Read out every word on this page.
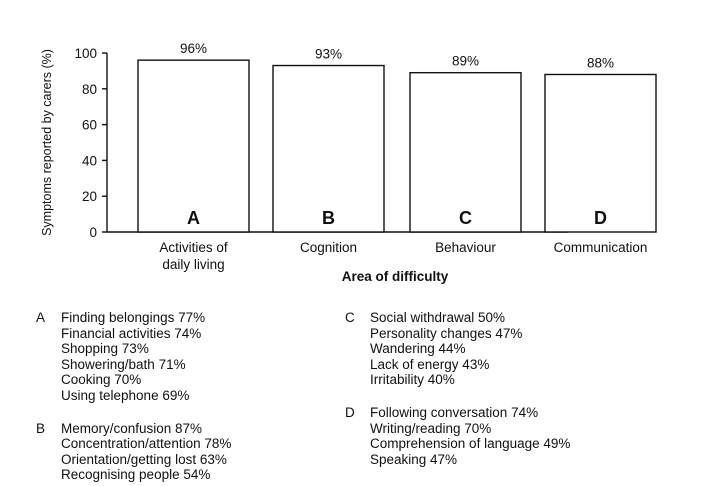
0
20
40
60
80
100
Symptoms reported by carers (%)
96%
A
Activities of
daily living
93%
B
Cognition
89%
C
Behaviour
88%
D
Communication
Area of difficulty
A Finding belongings 77%
Financial activities 74%
Shopping 73%
Showering/bath 71%
Cooking 70%
Using telephone 69%
B Memory/confusion 87%
Concentration/attention 78%
Orientation/getting lost 63%
Recognising people 54%
C Social withdrawal 50%
Personality changes 47%
Wandering 44%
Lack of energy 43%
Irritability 40%
D Following conversation 74%
Writing/reading 70%
Comprehension of language 49%
Speaking 47%
